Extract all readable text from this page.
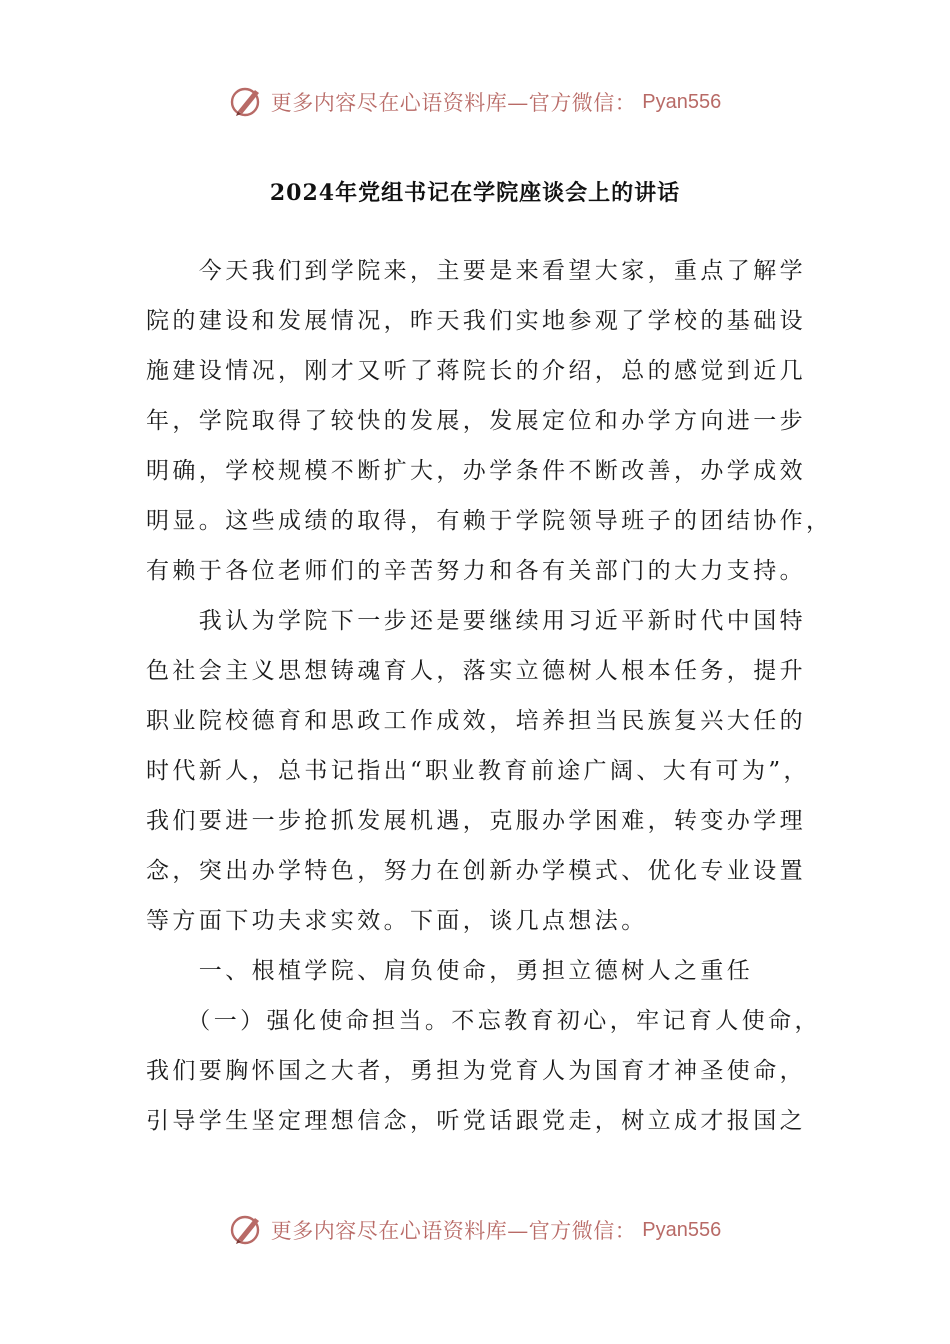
更多内容尽在心语资料库—官方微信： Pyan556
2024年党组书记在学院座谈会上的讲话
　　今天我们到学院来，主要是来看望大家，重点了解学
院的建设和发展情况，昨天我们实地参观了学校的基础设
施建设情况，刚才又听了蒋院长的介绍，总的感觉到近几
年，学院取得了较快的发展，发展定位和办学方向进一步
明确，学校规模不断扩大，办学条件不断改善，办学成效
明显。这些成绩的取得，有赖于学院领导班子的团结协作，
有赖于各位老师们的辛苦努力和各有关部门的大力支持。
　　我认为学院下一步还是要继续用习近平新时代中国特
色社会主义思想铸魂育人，落实立德树人根本任务，提升
职业院校德育和思政工作成效，培养担当民族复兴大任的
时代新人，总书记指出“职业教育前途广阔、大有可为”，
我们要进一步抢抓发展机遇，克服办学困难，转变办学理
念，突出办学特色，努力在创新办学模式、优化专业设置
等方面下功夫求实效。下面，谈几点想法。
　　一、根植学院、肩负使命，勇担立德树人之重任
　　（一）强化使命担当。不忘教育初心，牢记育人使命，
我们要胸怀国之大者，勇担为党育人为国育才神圣使命，
引导学生坚定理想信念，听党话跟党走，树立成才报国之
更多内容尽在心语资料库—官方微信： Pyan556
